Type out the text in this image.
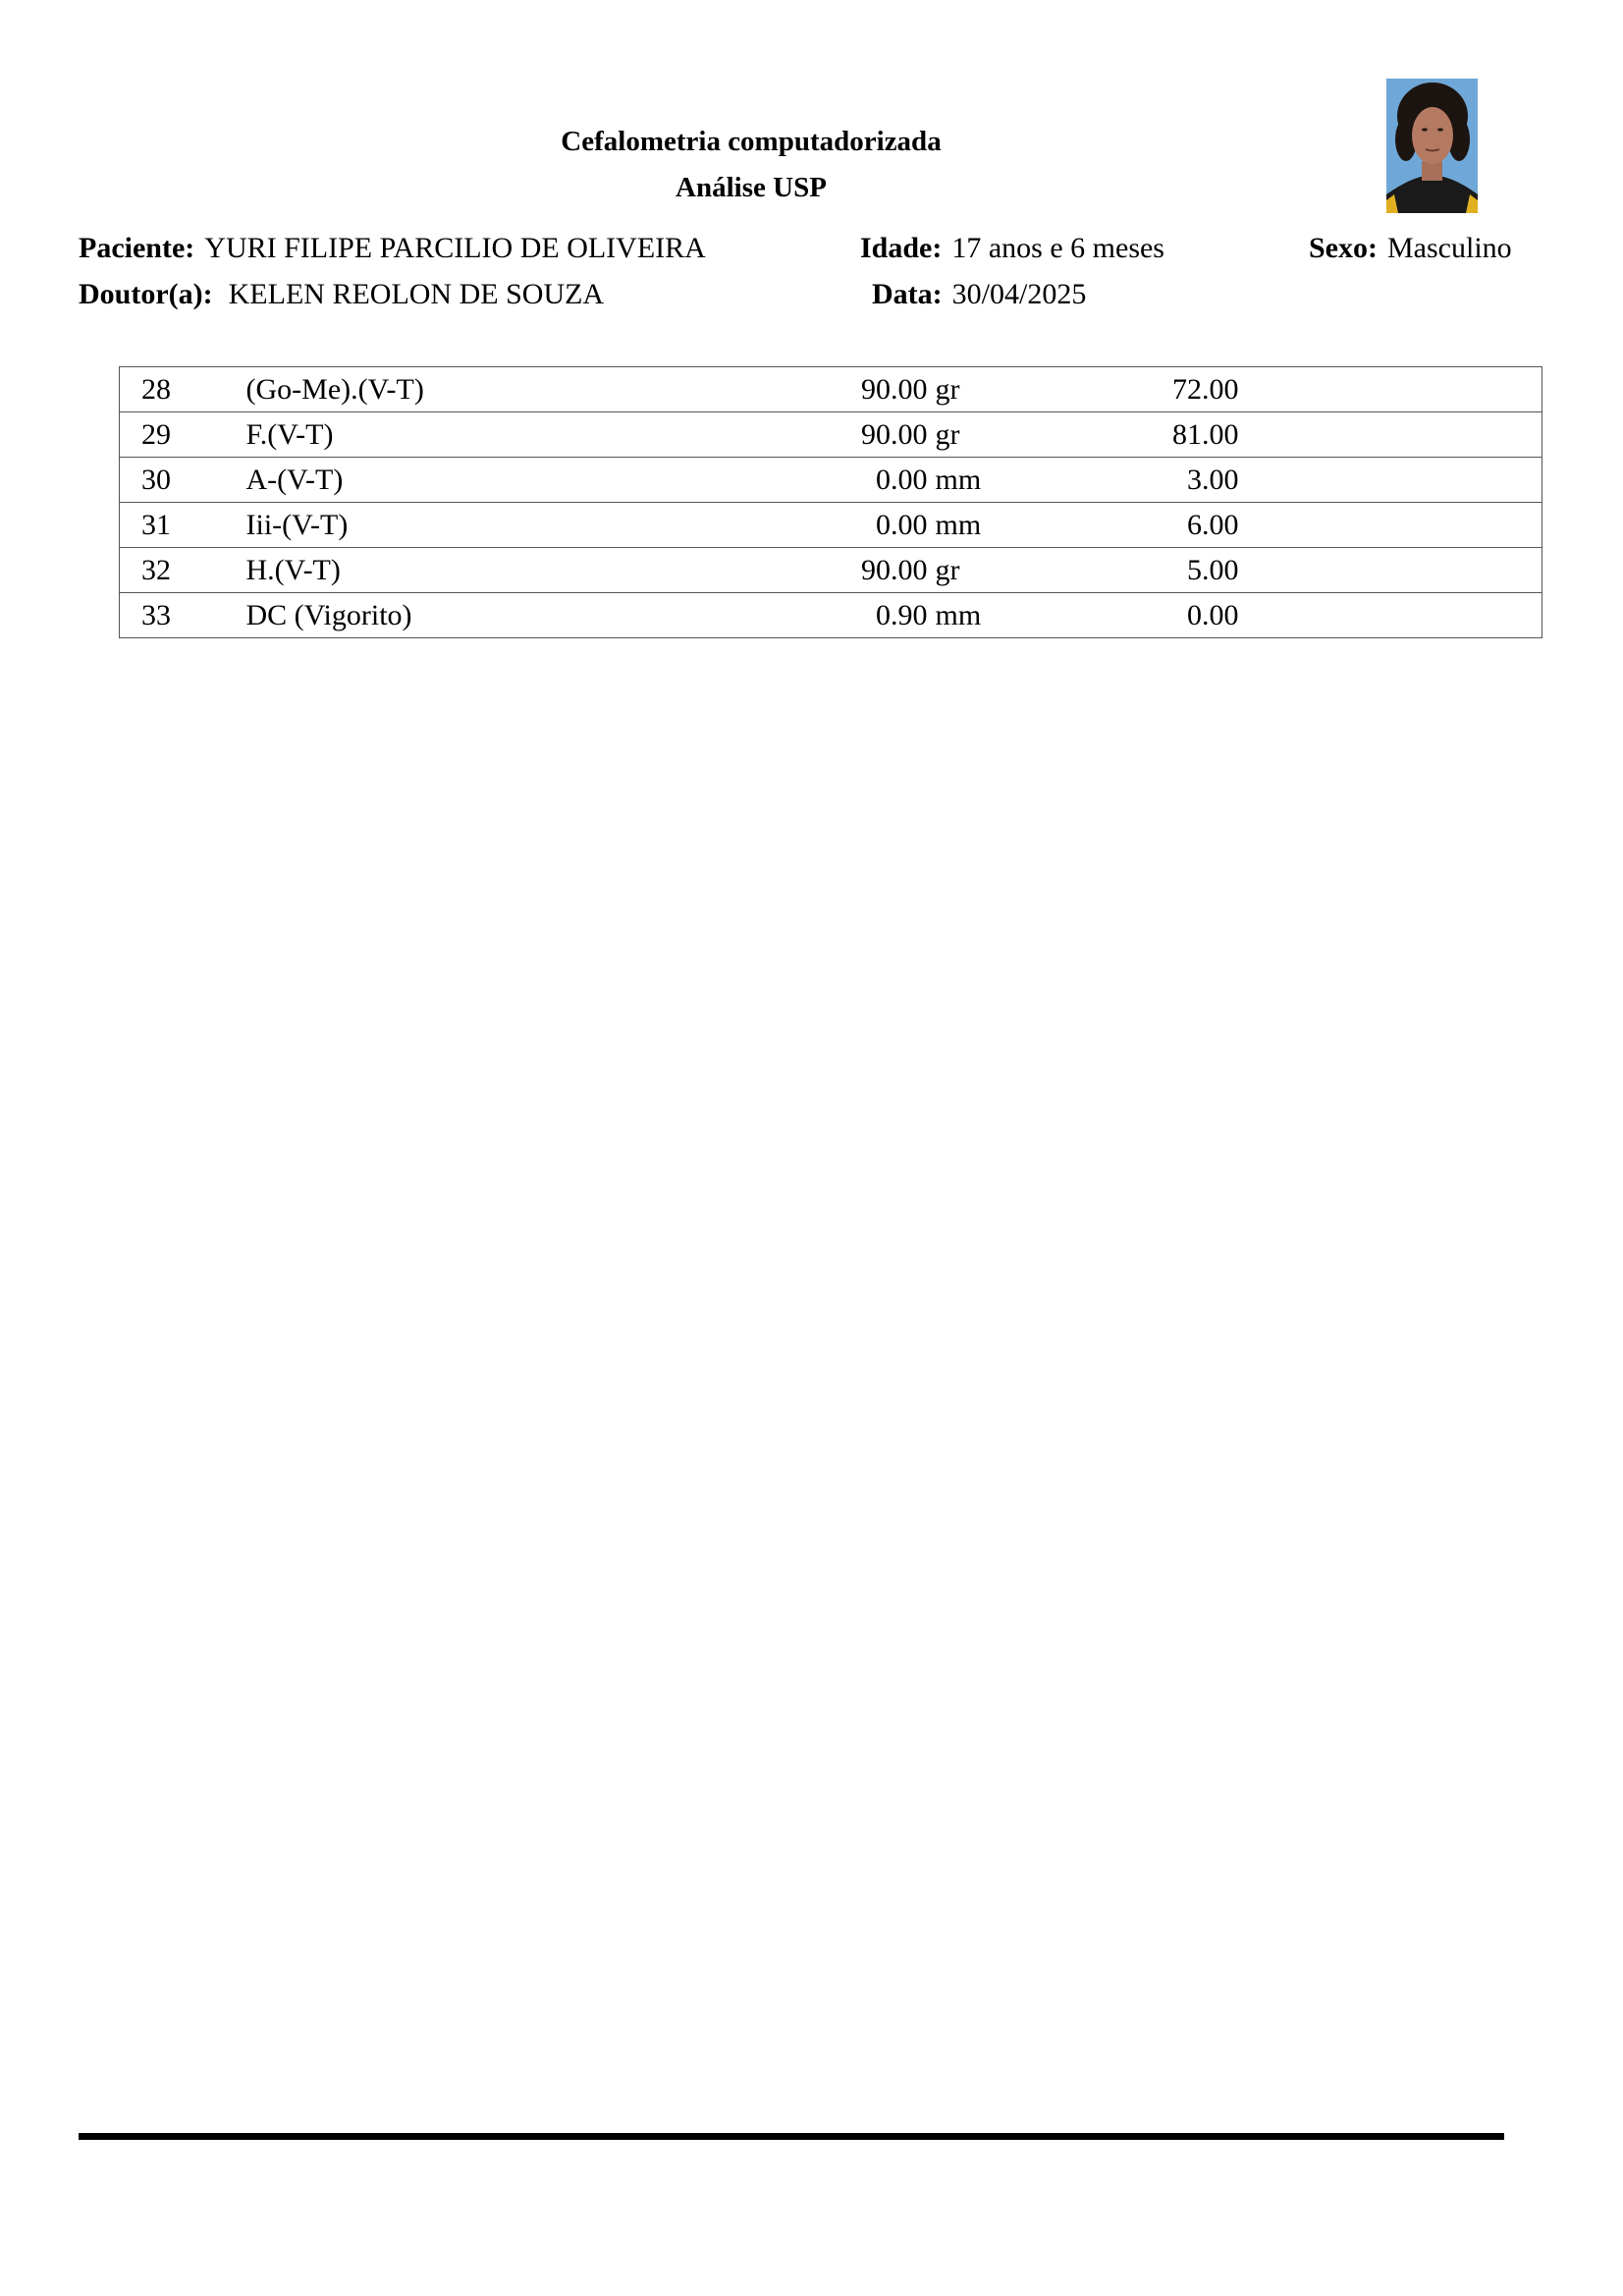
Cefalometria computadorizada
Análise USP
Paciente: YURI FILIPE PARCILIO DE OLIVEIRA	Idade: 17 anos e 6 meses	Sexo: Masculino
Doutor(a): KELEN REOLON DE SOUZA	Data: 30/04/2025
28	(Go-Me).(V-T)	90.00	gr	72.00	
29	F.(V-T)	90.00	gr	81.00	
30	A-(V-T)	0.00	mm	3.00	
31	Iii-(V-T)	0.00	mm	6.00	
32	H.(V-T)	90.00	gr	5.00	
33	DC (Vigorito)	0.90	mm	0.00	
